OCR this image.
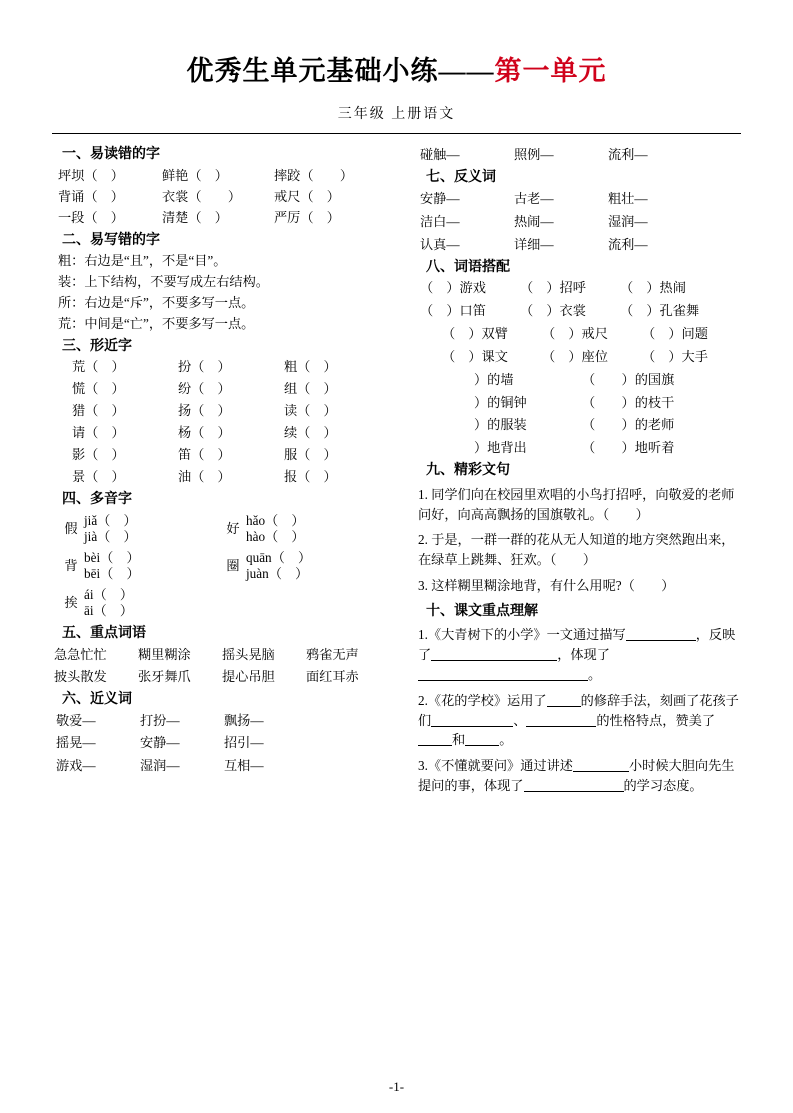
优秀生单元基础小练——第一单元
三年级 上册语文
一、易读错的字
坪坝（　）	鲜艳（　）	摔跤（　　）
背诵（　）	衣裳（　　） 戒尺（　）
一段（　）	清楚（　）	严厉（　）
二、易写错的字
粗：右边是“且”，不是“目”。
装：上下结构，不要写成左右结构。
所：右边是“斥”，不要多写一点。
荒：中间是“亡”，不要多写一点。
三、形近字
荒（　）	扮（　）	粗（　）
慌（　）	纷（　）	组（　）
猎（　）	扬（　）	读（　）
请（　）	杨（　）	续（　）
影（　）	笛（　）	服（　）
景（　）	油（　）	报（　）
四、多音字
假
jiǎ（　）
jià（　）
好
hǎo（　）
hào（　）
背
bèi（　）
bēi（　）
圈
quān（　）
juàn（　）
挨
ái（　）
āi（　）
五、重点词语
急急忙忙 糊里糊涂 摇头晃脑 鸦雀无声
披头散发 张牙舞爪 提心吊胆 面红耳赤
六、近义词
敬爱—	打扮—	飘扬—
摇晃—	安静—	招引—
游戏—	湿润—	互相—
碰触—	照例—	流利—
七、反义词
安静—	古老—	粗壮—
洁白—	热闹—	湿润—
认真—	详细—	流利—
八、词语搭配
（　）游戏	（　）招呼	（　）热闹
（　）口笛	（　）衣裳	（　）孔雀舞
（　）双臂	（　）戒尺	（　）问题
（　）课文	（　）座位	（　）大手
）的墙	（　　）的国旗
）的铜钟	（　　）的枝干
）的服装	（　　）的老师
）地背出	（　　）地听着
九、精彩文句
1. 同学们向在校园里欢唱的小鸟打招呼，向敬爱的老师问好，向高高飘扬的国旗敬礼。（　　）
2. 于是，一群一群的花从无人知道的地方突然跑出来，在绿草上跳舞、狂欢。（　　）
3. 这样糊里糊涂地背，有什么用呢?（　　）
十、课文重点理解
1.《大青树下的小学》一文通过描写	，反映了	，体现了。
2.《花的学校》运用了	的修辞手法，刻画了花孩子们	、	的性格特点，赞美了和	。
3.《不懂就要问》通过讲述	小时候大胆向先生提问的事，体现了	的学习态度。
-1-
